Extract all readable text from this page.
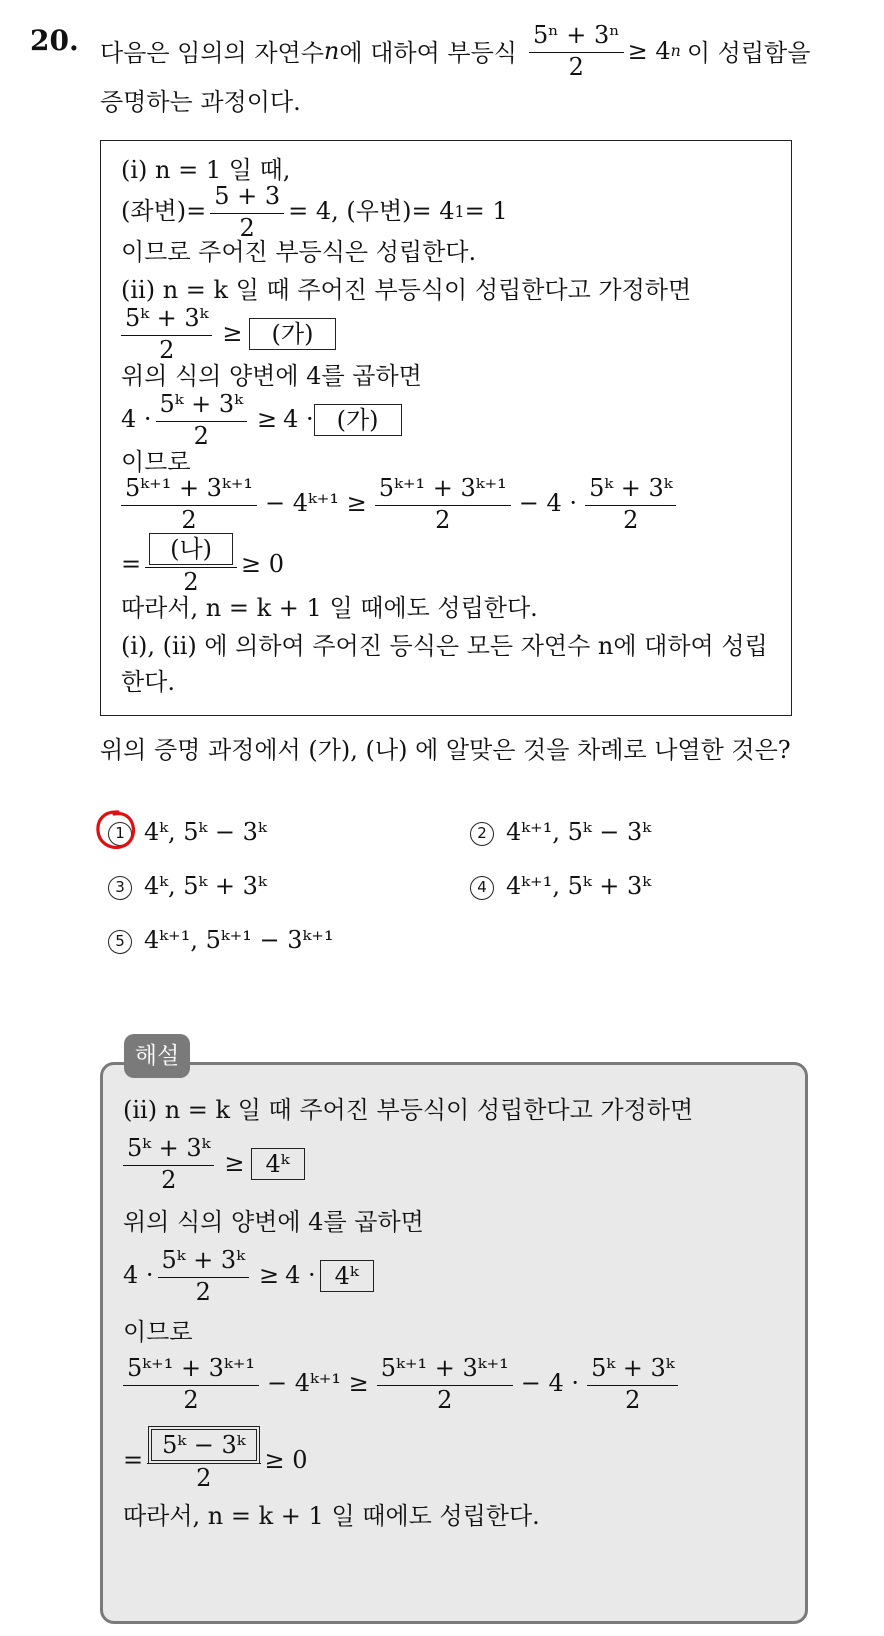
20. 다음은 임의의 자연수 n 에 대하여 부등식 $\frac{\text{5ⁿ + 3ⁿ}}{2} \ge 4$ n 이 성립함을
증명하는 과정이다.
(i) n = 1 일 때,
(좌변)= $\frac{5 + 3}{2} = 4$, (우변)= 4 1 = 1
이므로 주어진 부등식은 성립한다.
(ii) n = k 일 때 주어진 부등식이 성립한다고 가정하면
$\frac{\text{5ᵏ + 3ᵏ}}{2}$ ≥	(가)
위의 식의 양변에 4를 곱하면
$4 \cdot \frac{\text{5ᵏ + 3ᵏ}}{2} \ge 4$ · (가)
이므로
$\frac{\text{5ᵏ⁺¹ + 3ᵏ⁺¹}}{2}$ − 4ᵏ⁺¹ ≥ $\frac{\text{5ᵏ⁺¹ + 3ᵏ⁺¹}}{2} - 4 \cdot \frac{\text{5ᵏ + 3ᵏ}}{2}$
= $\frac{\text{(나)}}{2} \ge 0$
따라서, n = k + 1 일 때에도 성립한다.
(i), (ii) 에 의하여 주어진 등식은 모든 자연수 n에 대하여 성립
한다.
위의 증명 과정에서 (가), (나) 에 알맞은 것을 차례로 나열한 것은?
1 4ᵏ, 5ᵏ − 3ᵏ	2 4ᵏ⁺¹, 5ᵏ − 3ᵏ
3 4ᵏ, 5ᵏ + 3ᵏ	4 4ᵏ⁺¹, 5ᵏ + 3ᵏ
5 4ᵏ⁺¹, 5ᵏ⁺¹ − 3ᵏ⁺¹
(ii) n = k 일 때 주어진 부등식이 성립한다고 가정하면
$\frac{\text{5ᵏ + 3ᵏ}}{2}$ ≥ 4ᵏ
위의 식의 양변에 4를 곱하면
$4 \cdot \frac{\text{5ᵏ + 3ᵏ}}{2} \ge 4$ · 4ᵏ
이므로
$\frac{\text{5ᵏ⁺¹ + 3ᵏ⁺¹}}{2}$ − 4ᵏ⁺¹ ≥ $\frac{\text{5ᵏ⁺¹ + 3ᵏ⁺¹}}{2} - 4 \cdot \frac{\text{5ᵏ + 3ᵏ}}{2}$
= $\frac{\text{5ᵏ − 3ᵏ}}{2} \ge 0$
따라서, n = k + 1 일 때에도 성립한다.
해설
